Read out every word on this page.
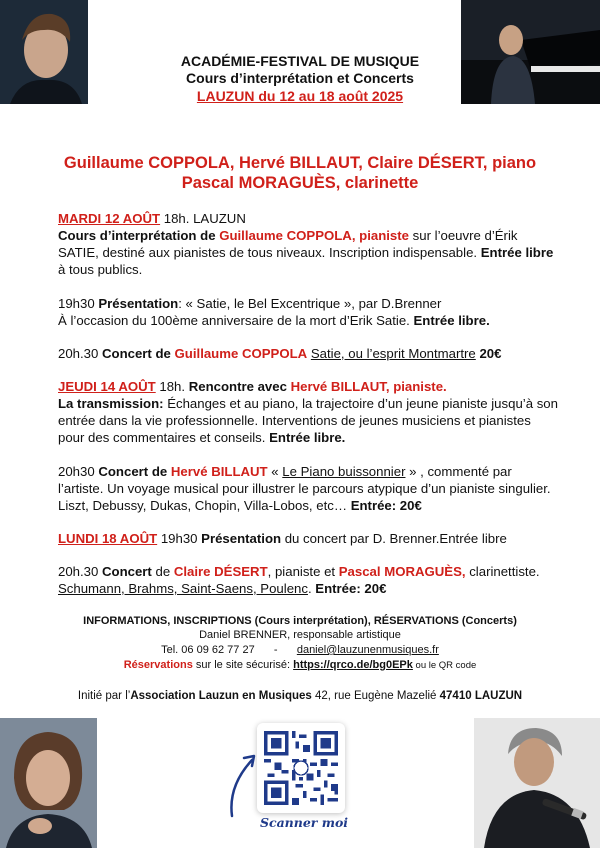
ACADÉMIE-FESTIVAL DE MUSIQUE
Cours d’interprétation et Concerts
LAUZUN du 12 au 18 août 2025
Guillaume COPPOLA, Hervé BILLAUT, Claire DÉSERT, piano
Pascal MORAGUÈS, clarinette
MARDI 12 AOÛT 18h. LAUZUN
Cours d’interprétation de Guillaume COPPOLA, pianiste sur l’oeuvre d’Érik SATIE, destiné aux pianistes de tous niveaux. Inscription indispensable. Entrée libre à tous publics.
19h30 Présentation: « Satie, le Bel Excentrique », par D.Brenner
À l’occasion du 100ème anniversaire de la mort d’Erik Satie. Entrée libre.
20h.30 Concert de Guillaume COPPOLA Satie, ou l’esprit Montmartre 20€
JEUDI 14 AOÛT 18h. Rencontre avec Hervé BILLAUT, pianiste.
La transmission: Échanges et au piano, la trajectoire d’un jeune pianiste jusqu’à son entrée dans la vie professionnelle. Interventions de jeunes musiciens et pianistes pour des commentaires et conseils. Entrée libre.
20h30 Concert de Hervé BILLAUT « Le Piano buissonnier » , commenté par l’artiste. Un voyage musical pour illustrer le parcours atypique d’un pianiste singulier. Liszt, Debussy, Dukas, Chopin, Villa-Lobos, etc… Entrée: 20€
LUNDI 18 AOÛT 19h30 Présentation du concert par D. Brenner.Entrée libre
20h.30 Concert de Claire DÉSERT, pianiste et Pascal MORAGUÈS, clarinettiste. Schumann, Brahms, Saint-Saens, Poulenc. Entrée: 20€
INFORMATIONS, INSCRIPTIONS (Cours interprétation), RÉSERVATIONS (Concerts)
Daniel BRENNER, responsable artistique
Tel. 06 09 62 77 27 - daniel@lauzunenmusiques.fr
Réservations sur le site sécurisé: https://qrco.de/bg0EPk ou le QR code
Initié par l’Association Lauzun en Musiques 42, rue Eugène Mazelié 47410 LAUZUN
Scanner moi
